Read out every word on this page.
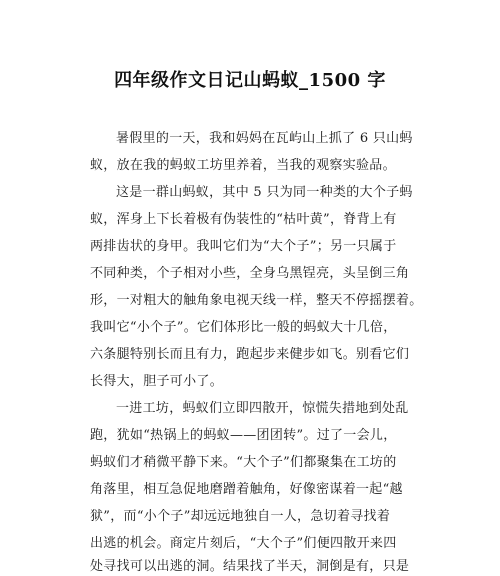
四年级作文日记山蚂蚁_1500 字
暑假里的一天，我和妈妈在瓦屿山上抓了 6 只山蚂
蚁，放在我的蚂蚁工坊里养着，当我的观察实验品。
这是一群山蚂蚁，其中 5 只为同一种类的大个子蚂
蚁，浑身上下长着极有伪装性的“枯叶黄”，脊背上有
两排齿状的身甲。我叫它们为“大个子”；另一只属于
不同种类，个子相对小些，全身乌黑锃亮，头呈倒三角
形，一对粗大的触角象电视天线一样，整天不停摇摆着。
我叫它“小个子”。它们体形比一般的蚂蚁大十几倍，
六条腿特别长而且有力，跑起步来健步如飞。别看它们
长得大，胆子可小了。
一进工坊，蚂蚁们立即四散开，惊慌失措地到处乱
跑，犹如“热锅上的蚂蚁——团团转”。过了一会儿，
蚂蚁们才稍微平静下来。“大个子”们都聚集在工坊的
角落里，相互急促地磨蹭着触角，好像密谋着一起“越
狱”，而“小个子”却远远地独自一人，急切着寻找着
出逃的机会。商定片刻后，“大个子”们便四散开来四
处寻找可以出逃的洞。结果找了半天，洞倒是有，只是
